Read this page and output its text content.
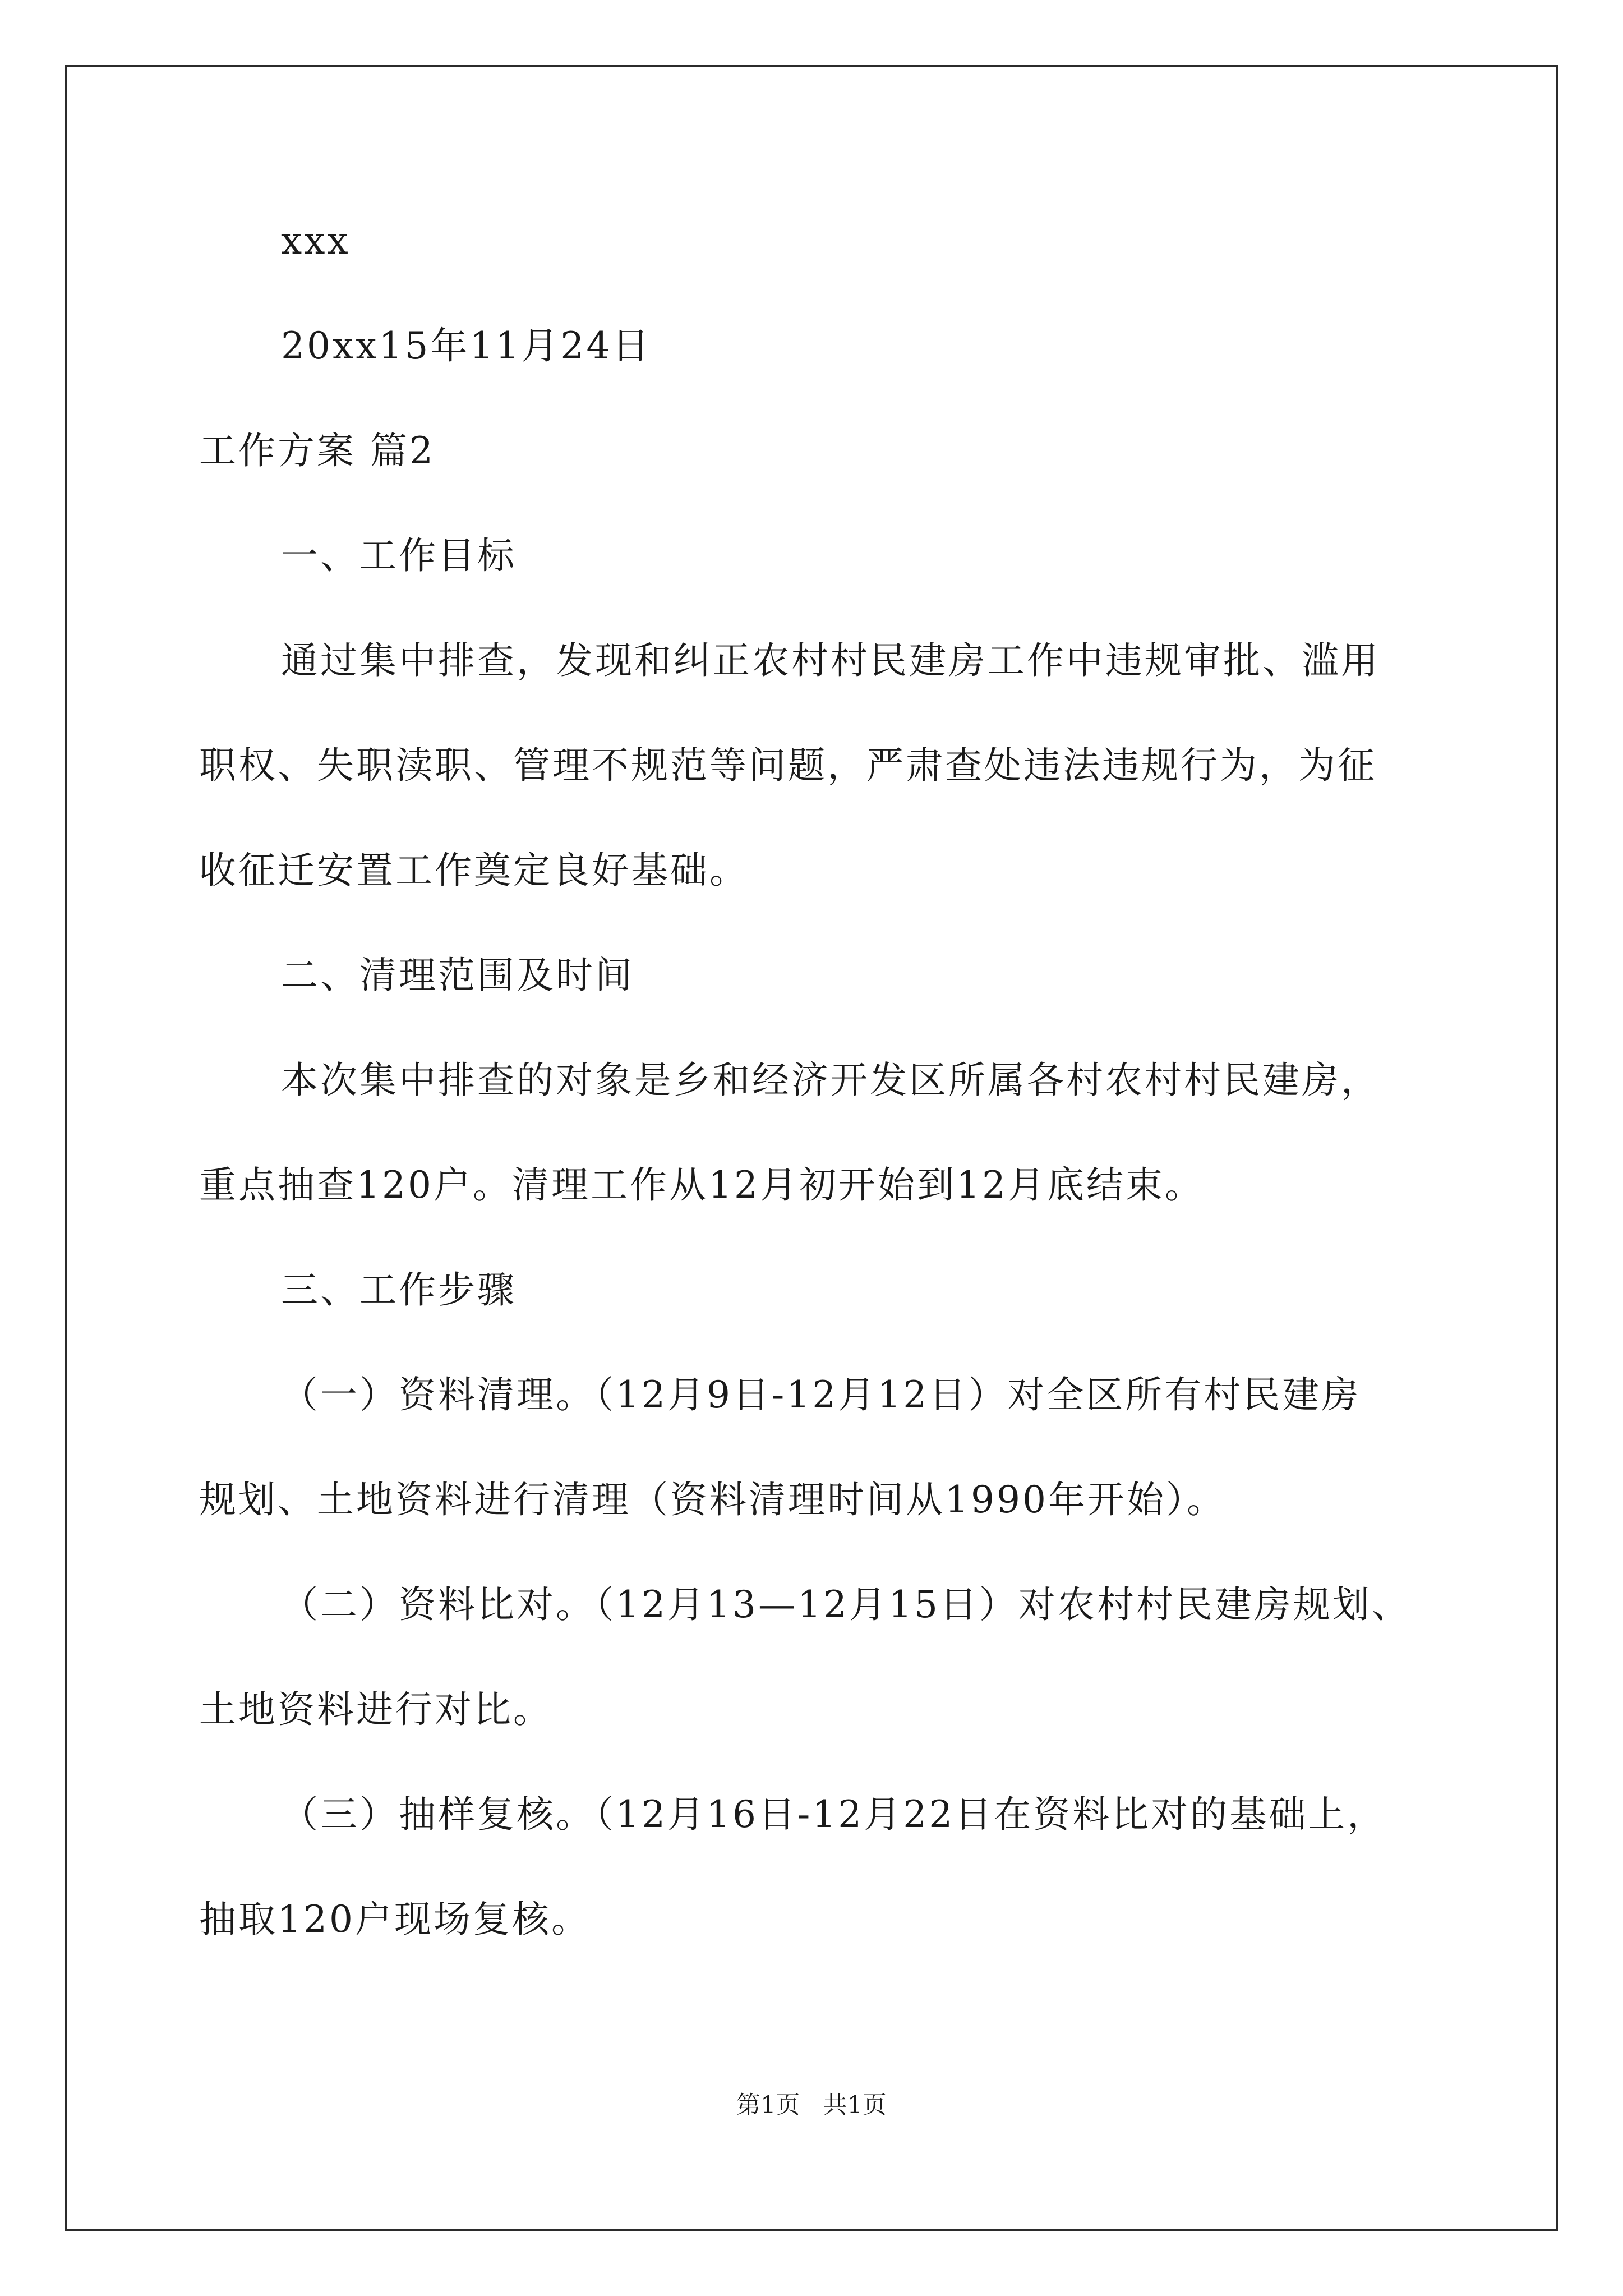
xxx
20xx15年11月24日
工作方案 篇2
一、工作目标
通过集中排查，发现和纠正农村村民建房工作中违规审批、滥用
职权、失职渎职、管理不规范等问题，严肃查处违法违规行为，为征
收征迁安置工作奠定良好基础。
二、清理范围及时间
本次集中排查的对象是乡和经济开发区所属各村农村村民建房，
重点抽查120户。清理工作从12月初开始到12月底结束。
三、工作步骤
（一）资料清理。（12月9日-12月12日）对全区所有村民建房
规划、土地资料进行清理（资料清理时间从1990年开始）。
（二）资料比对。（12月13—12月15日）对农村村民建房规划、
土地资料进行对比。
（三）抽样复核。（12月16日-12月22日在资料比对的基础上，
抽取120户现场复核。
第1页   共1页
